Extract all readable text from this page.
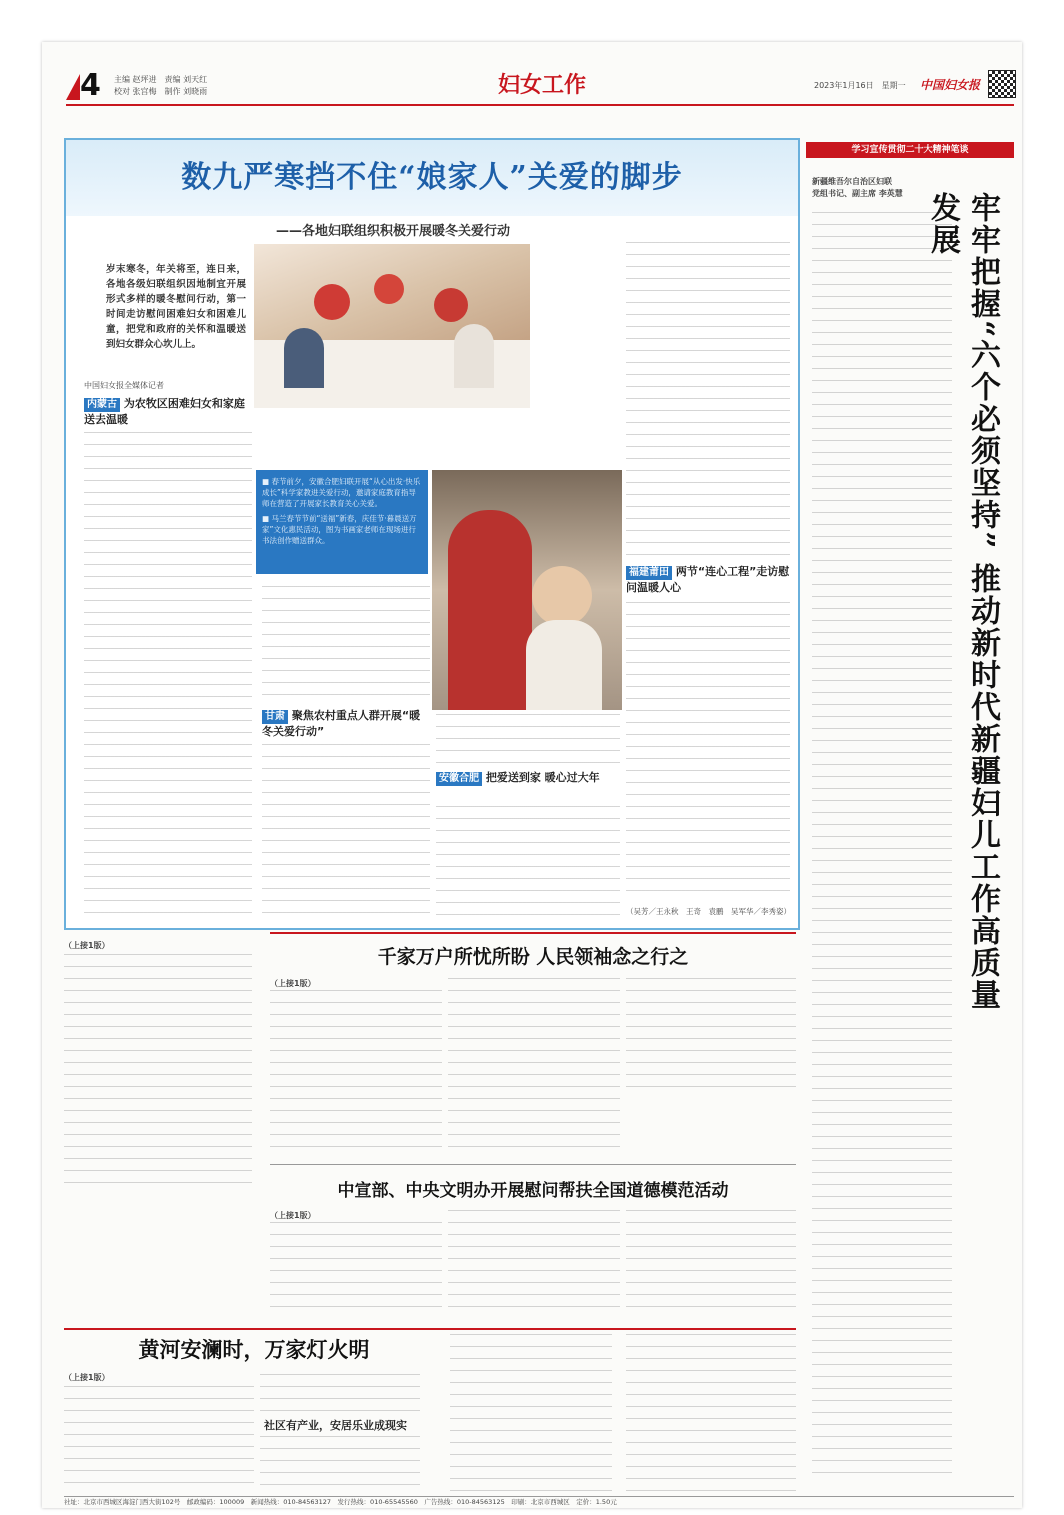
4 主编 赵坪进　责编 刘天红
校对 张宫梅　制作 刘晓雨	妇女工作	2023年1月16日　星期一 中国妇女报
数九严寒挡不住“娘家人”关爱的脚步
——各地妇联组织积极开展暖冬关爱行动
岁末寒冬，年关将至，连日来，各地各级妇联组织因地制宜开展形式多样的暖冬慰问行动，第一时间走访慰问困难妇女和困难儿童，把党和政府的关怀和温暖送到妇女群众心坎儿上。
中国妇女报全媒体记者
■ 春节前夕，安徽合肥妇联开展“从心出发·快乐成长”科学家教进关爱行动，邀请家庭教育指导师在营造了开展家长教育关心关爱。
■ 马兰春节节前“送福”新春，庆佳节·暮晨送万家”文化惠民活动，图为书画家老师在现场进行书法创作赠送群众。
内蒙古 为农牧区困难妇女和家庭送去温暖
甘肃 聚焦农村重点人群开展“暖冬关爱行动”
安徽合肥 把爱送到家 暖心过大年
福建莆田 两节“连心工程”走访慰问温暖人心
（吴芳／王永秋　王奇　袁鹏　吴军华／李秀姿）
学习宣传贯彻二十大精神笔谈
新疆维吾尔自治区妇联
党组书记、副主席 李英慧 牢牢把握“六个必须坚持” 推动新时代新疆妇儿工作高质量发展
（上接1版）
千家万户所忧所盼 人民领袖念之行之
（上接1版）
中宣部、中央文明办开展慰问帮扶全国道德模范活动
（上接1版）
黄河安澜时，万家灯火明
（上接1版）
社区有产业，安居乐业成现实
社址：北京市西城区海淀门西大街102号　邮政编码：100009　新闻热线：010-84563127　发行热线：010-65545560　广告热线：010-84563125　印刷：北京市西城区　定价：1.50元
